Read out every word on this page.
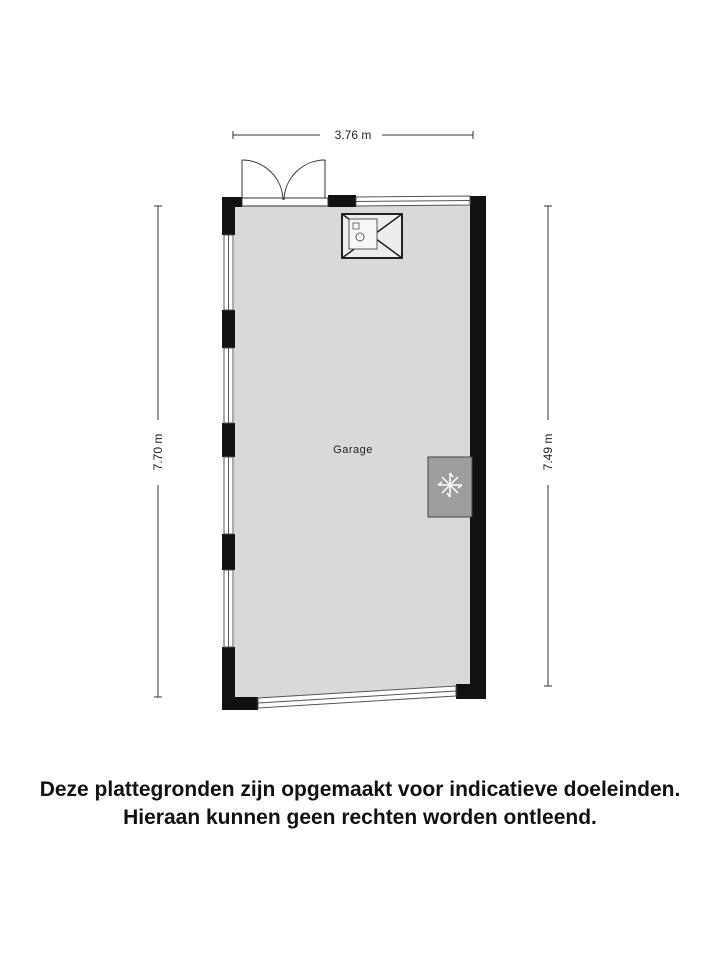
3.76 m
7.70 m	7.49 m
Garage
Deze plattegronden zijn opgemaakt voor indicatieve doeleinden.
Hieraan kunnen geen rechten worden ontleend.
